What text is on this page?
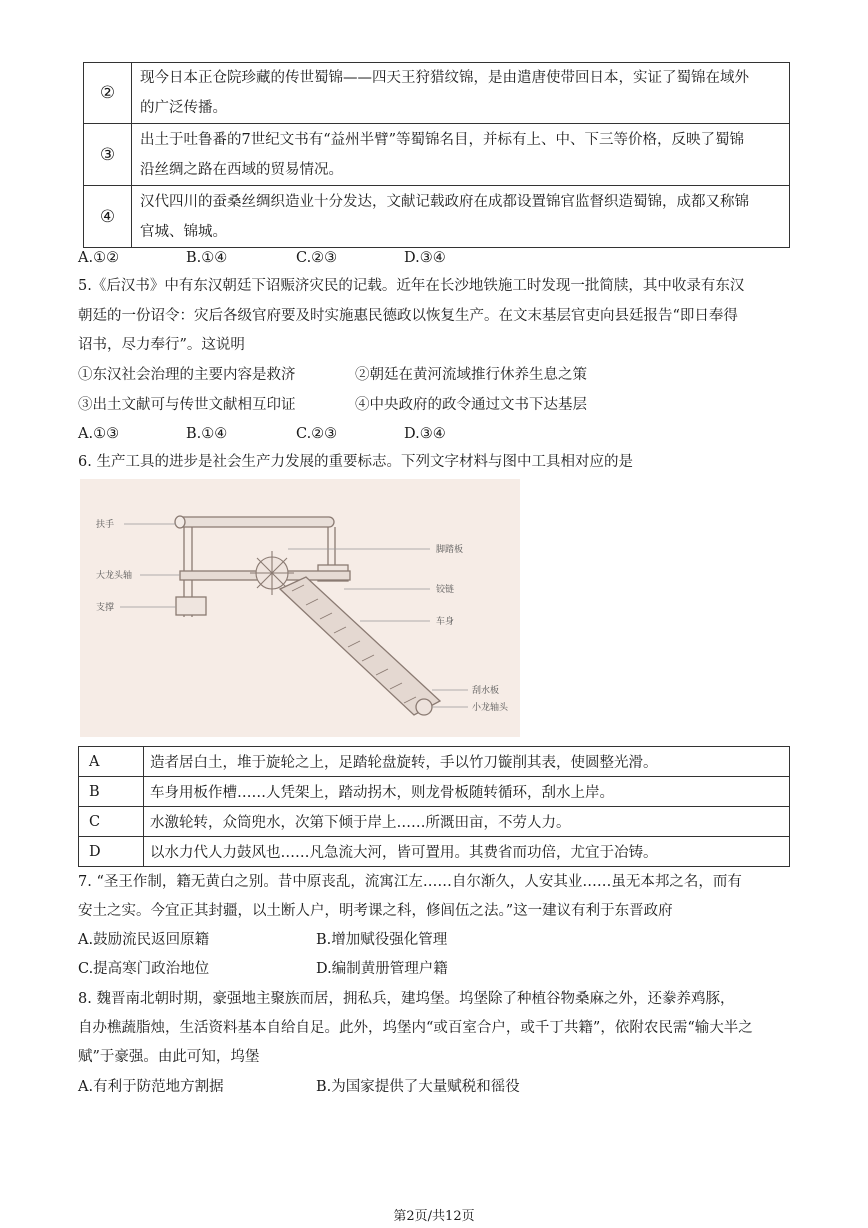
②	现今日本正仓院珍藏的传世蜀锦——四天王狩猎纹锦，是由遣唐使带回日本，实证了蜀锦在域外
的广泛传播。
③	出土于吐鲁番的7世纪文书有“益州半臂”等蜀锦名目，并标有上、中、下三等价格，反映了蜀锦
沿丝绸之路在西域的贸易情况。
④	汉代四川的蚕桑丝绸织造业十分发达，文献记载政府在成都设置锦官监督织造蜀锦，成都又称锦
官城、锦城。
A.①②	B.①④	C.②③	D.③④
5.《后汉书》中有东汉朝廷下诏赈济灾民的记载。近年在长沙地铁施工时发现一批简牍，其中收录有东汉
朝廷的一份诏令：灾后各级官府要及时实施惠民德政以恢复生产。在文末基层官吏向县廷报告“即日奉得
诏书，尽力奉行”。这说明
①东汉社会治理的主要内容是救济	②朝廷在黄河流域推行休养生息之策
③出土文献可与传世文献相互印证	④中央政府的政令通过文书下达基层
A.①③	B.①④	C.②③	D.③④
6. 生产工具的进步是社会生产力发展的重要标志。下列文字材料与图中工具相对应的是
扶手
大龙头轴
支撑
脚踏板
铰链
车身
刮水板
小龙轴头
A	造者居白土，堆于旋轮之上，足踏轮盘旋转，手以竹刀镟削其表，使圆整光滑。
B	车身用板作槽……人凭架上，踏动拐木，则龙骨板随转循环，刮水上岸。
C	水激轮转，众筒兜水，次第下倾于岸上……所溉田亩，不劳人力。
D	以水力代人力鼓风也……凡急流大河，皆可置用。其费省而功倍，尤宜于冶铸。
7. “圣王作制，籍无黄白之别。昔中原丧乱，流寓江左……自尔渐久，人安其业……虽无本邦之名，而有
安土之实。今宜正其封疆，以土断人户，明考课之科，修闾伍之法。”这一建议有利于东晋政府
A.鼓励流民返回原籍	B.增加赋役强化管理
C.提高寒门政治地位	D.编制黄册管理户籍
8. 魏晋南北朝时期，豪强地主聚族而居，拥私兵，建坞堡。坞堡除了种植谷物桑麻之外，还豢养鸡豚，
自办樵蔬脂烛，生活资料基本自给自足。此外，坞堡内“或百室合户，或千丁共籍”，依附农民需“输大半之
赋”于豪强。由此可知，坞堡
A.有利于防范地方割据	B.为国家提供了大量赋税和徭役
第2页/共12页
